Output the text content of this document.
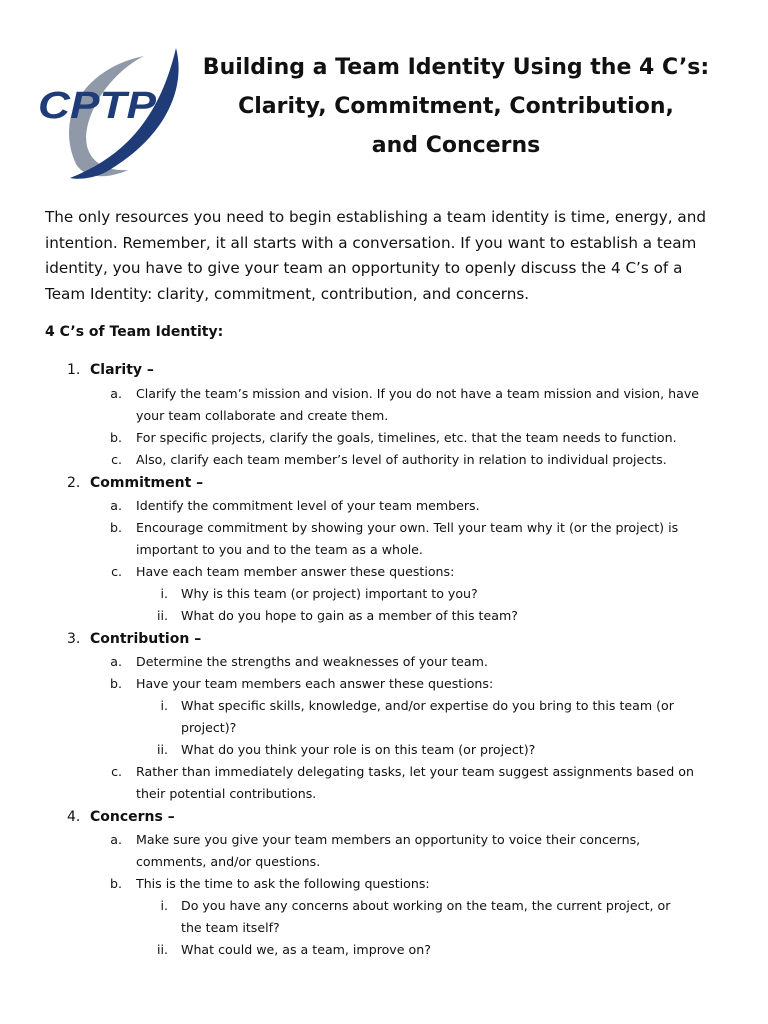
CPTP
Building a Team Identity Using the 4 C’s:
Clarity, Commitment, Contribution,
and Concerns
The only resources you need to begin establishing a team identity is time, energy, and
intention. Remember, it all starts with a conversation. If you want to establish a team
identity, you have to give your team an opportunity to openly discuss the 4 C’s of a
Team Identity: clarity, commitment, contribution, and concerns.
4 C’s of Team Identity:
1. Clarity –
a. Clarify the team’s mission and vision. If you do not have a team mission and vision, have
your team collaborate and create them.
b. For specific projects, clarify the goals, timelines, etc. that the team needs to function.
c. Also, clarify each team member’s level of authority in relation to individual projects.
2. Commitment –
a. Identify the commitment level of your team members.
b. Encourage commitment by showing your own. Tell your team why it (or the project) is
important to you and to the team as a whole.
c. Have each team member answer these questions:
i. Why is this team (or project) important to you?
ii. What do you hope to gain as a member of this team?
3. Contribution –
a. Determine the strengths and weaknesses of your team.
b. Have your team members each answer these questions:
i. What specific skills, knowledge, and/or expertise do you bring to this team (or
project)?
ii. What do you think your role is on this team (or project)?
c. Rather than immediately delegating tasks, let your team suggest assignments based on
their potential contributions.
4. Concerns –
a. Make sure you give your team members an opportunity to voice their concerns,
comments, and/or questions.
b. This is the time to ask the following questions:
i. Do you have any concerns about working on the team, the current project, or
the team itself?
ii. What could we, as a team, improve on?
